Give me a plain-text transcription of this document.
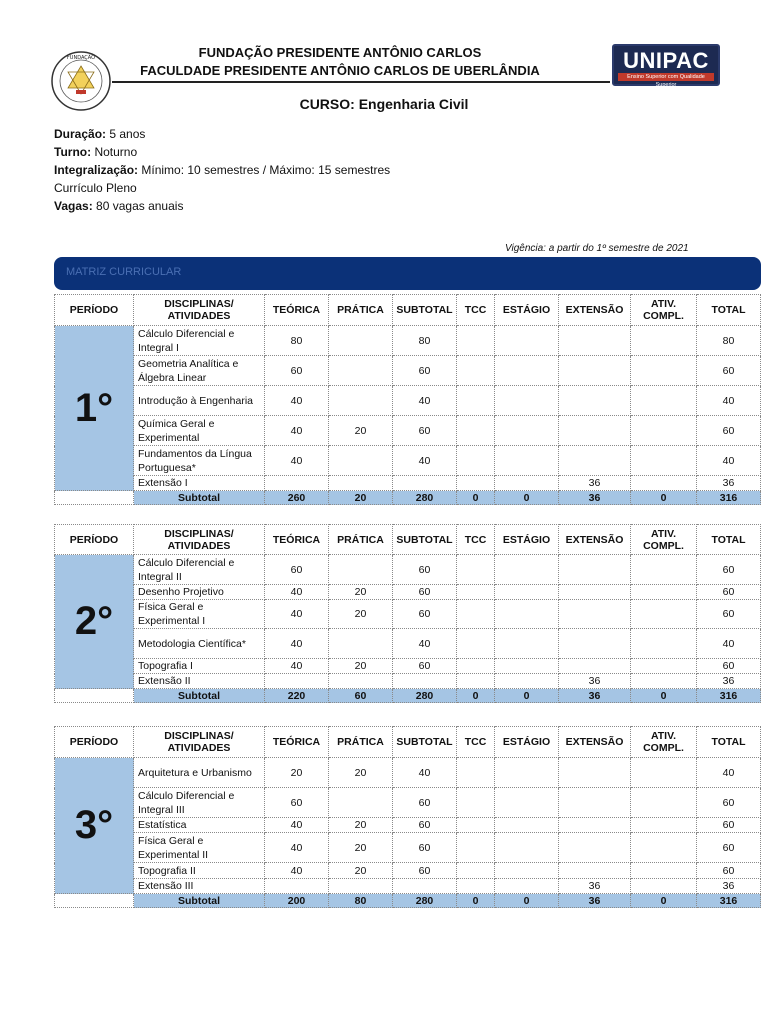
FUNDAÇÃO	FUNDAÇÃO PRESIDENTE ANTÔNIO CARLOS
FACULDADE PRESIDENTE ANTÔNIO CARLOS DE UBERLÂNDIA	UNIPAC
Ensino Superior com Qualidade Superior
CURSO: Engenharia Civil
Duração: 5 anos
Turno: Noturno
Integralização: Mínimo: 10 semestres / Máximo: 15 semestres
Currículo Pleno
Vagas: 80 vagas anuais
Vigência: a partir do 1º semestre de 2021
MATRIZ CURRICULAR
PERÍODO	DISCIPLINAS/ ATIVIDADES	TEÓRICA	PRÁTICA	SUBTOTAL	TCC	ESTÁGIO	EXTENSÃO	ATIV. COMPL.	TOTAL
1°	Cálculo Diferencial e Integral I	80		80					80
	Geometria Analítica e Álgebra Linear	60		60					60
	Introdução à Engenharia	40		40					40
	Química Geral e Experimental	40	20	60					60
	Fundamentos da Língua Portuguesa*	40		40					40
	Extensão I						36		36
	Subtotal	260	20	280	0	0	36	0	316
PERÍODO	DISCIPLINAS/ ATIVIDADES	TEÓRICA	PRÁTICA	SUBTOTAL	TCC	ESTÁGIO	EXTENSÃO	ATIV. COMPL.	TOTAL
2°	Cálculo Diferencial e Integral II	60		60					60
	Desenho Projetivo	40	20	60					60
	Física Geral e Experimental I	40	20	60					60
	Metodologia Científica*	40		40					40
	Topografia I	40	20	60					60
	Extensão II						36		36
	Subtotal	220	60	280	0	0	36	0	316
PERÍODO	DISCIPLINAS/ ATIVIDADES	TEÓRICA	PRÁTICA	SUBTOTAL	TCC	ESTÁGIO	EXTENSÃO	ATIV. COMPL.	TOTAL
3°	Arquitetura e Urbanismo	20	20	40					40
	Cálculo Diferencial e Integral III	60		60					60
	Estatística	40	20	60					60
	Física Geral e Experimental II	40	20	60					60
	Topografia II	40	20	60					60
	Extensão III						36		36
	Subtotal	200	80	280	0	0	36	0	316
